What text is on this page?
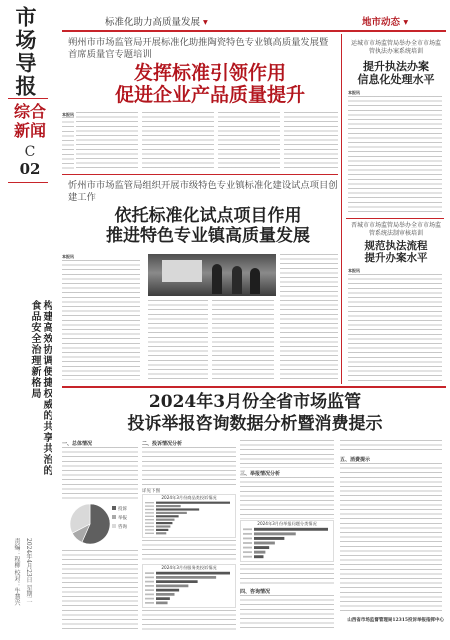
市场导报
综合新闻
C
02
构建高效协调便捷权威的共享共治的食品安全治理新格局
责编：程柳 校对：牛慧兴 2024年4月23日 星期二
标准化助力高质量发展 ▾	地市动态 ▾
朔州市市场监管局开展标准化助推陶瓷特色专业镇高质量发展暨首席质量官专题培训
发挥标准引领作用
促进企业产品质量提升
本报讯
忻州市市场监管局组织开展市级特色专业镇标准化建设试点项目创建工作
依托标准化试点项目作用
推进特色专业镇高质量发展
本报讯
运城市市场监管局举办全市市场监管执法办案系统培训
提升执法办案
信息化处理水平
本报讯
晋城市市场监管局举办全市市场监管系统法制审核培训
规范执法流程
提升办案水平
本报讯
2024年3月份全省市场监管
投诉举报咨询数据分析暨消费提示
一、总体情况
投诉
举报
咨询
二、投诉情况分析
详见下图
2024年3月份商品类投诉情况
2024年3月份服务类投诉情况
三、举报情况分析
2024年3月份举报问题分类情况
四、咨询情况
五、消费提示
山西省市场监督管理局12315投诉举报指挥中心
